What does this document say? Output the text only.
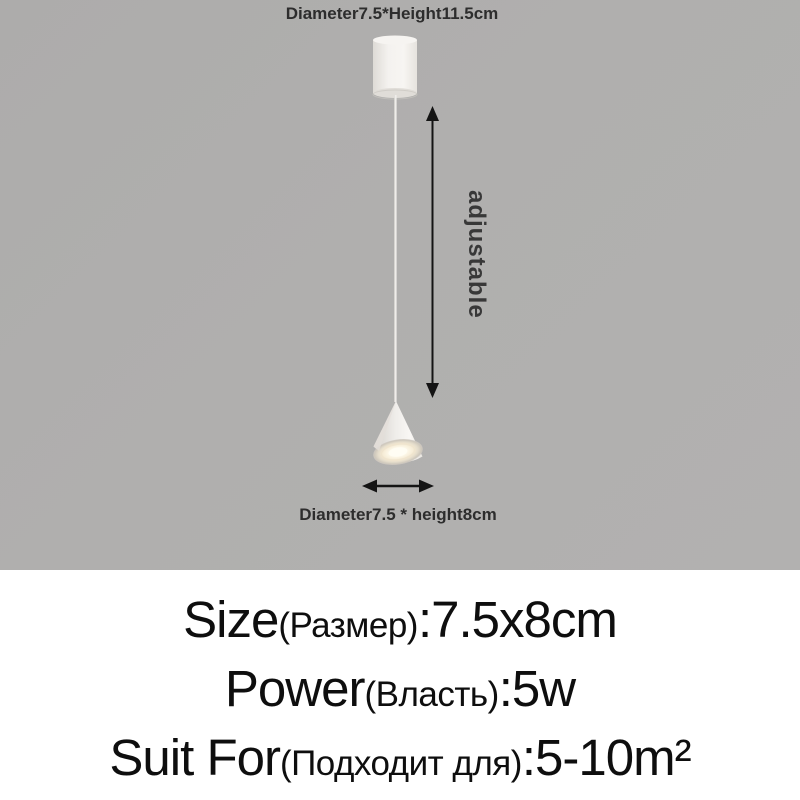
Diameter7.5*Height11.5cm
adjustable
Diameter7.5 * height8cm
Size(Размер):7.5x8cm
Power(Власть):5w
Suit For(Подходит для):5-10m²
